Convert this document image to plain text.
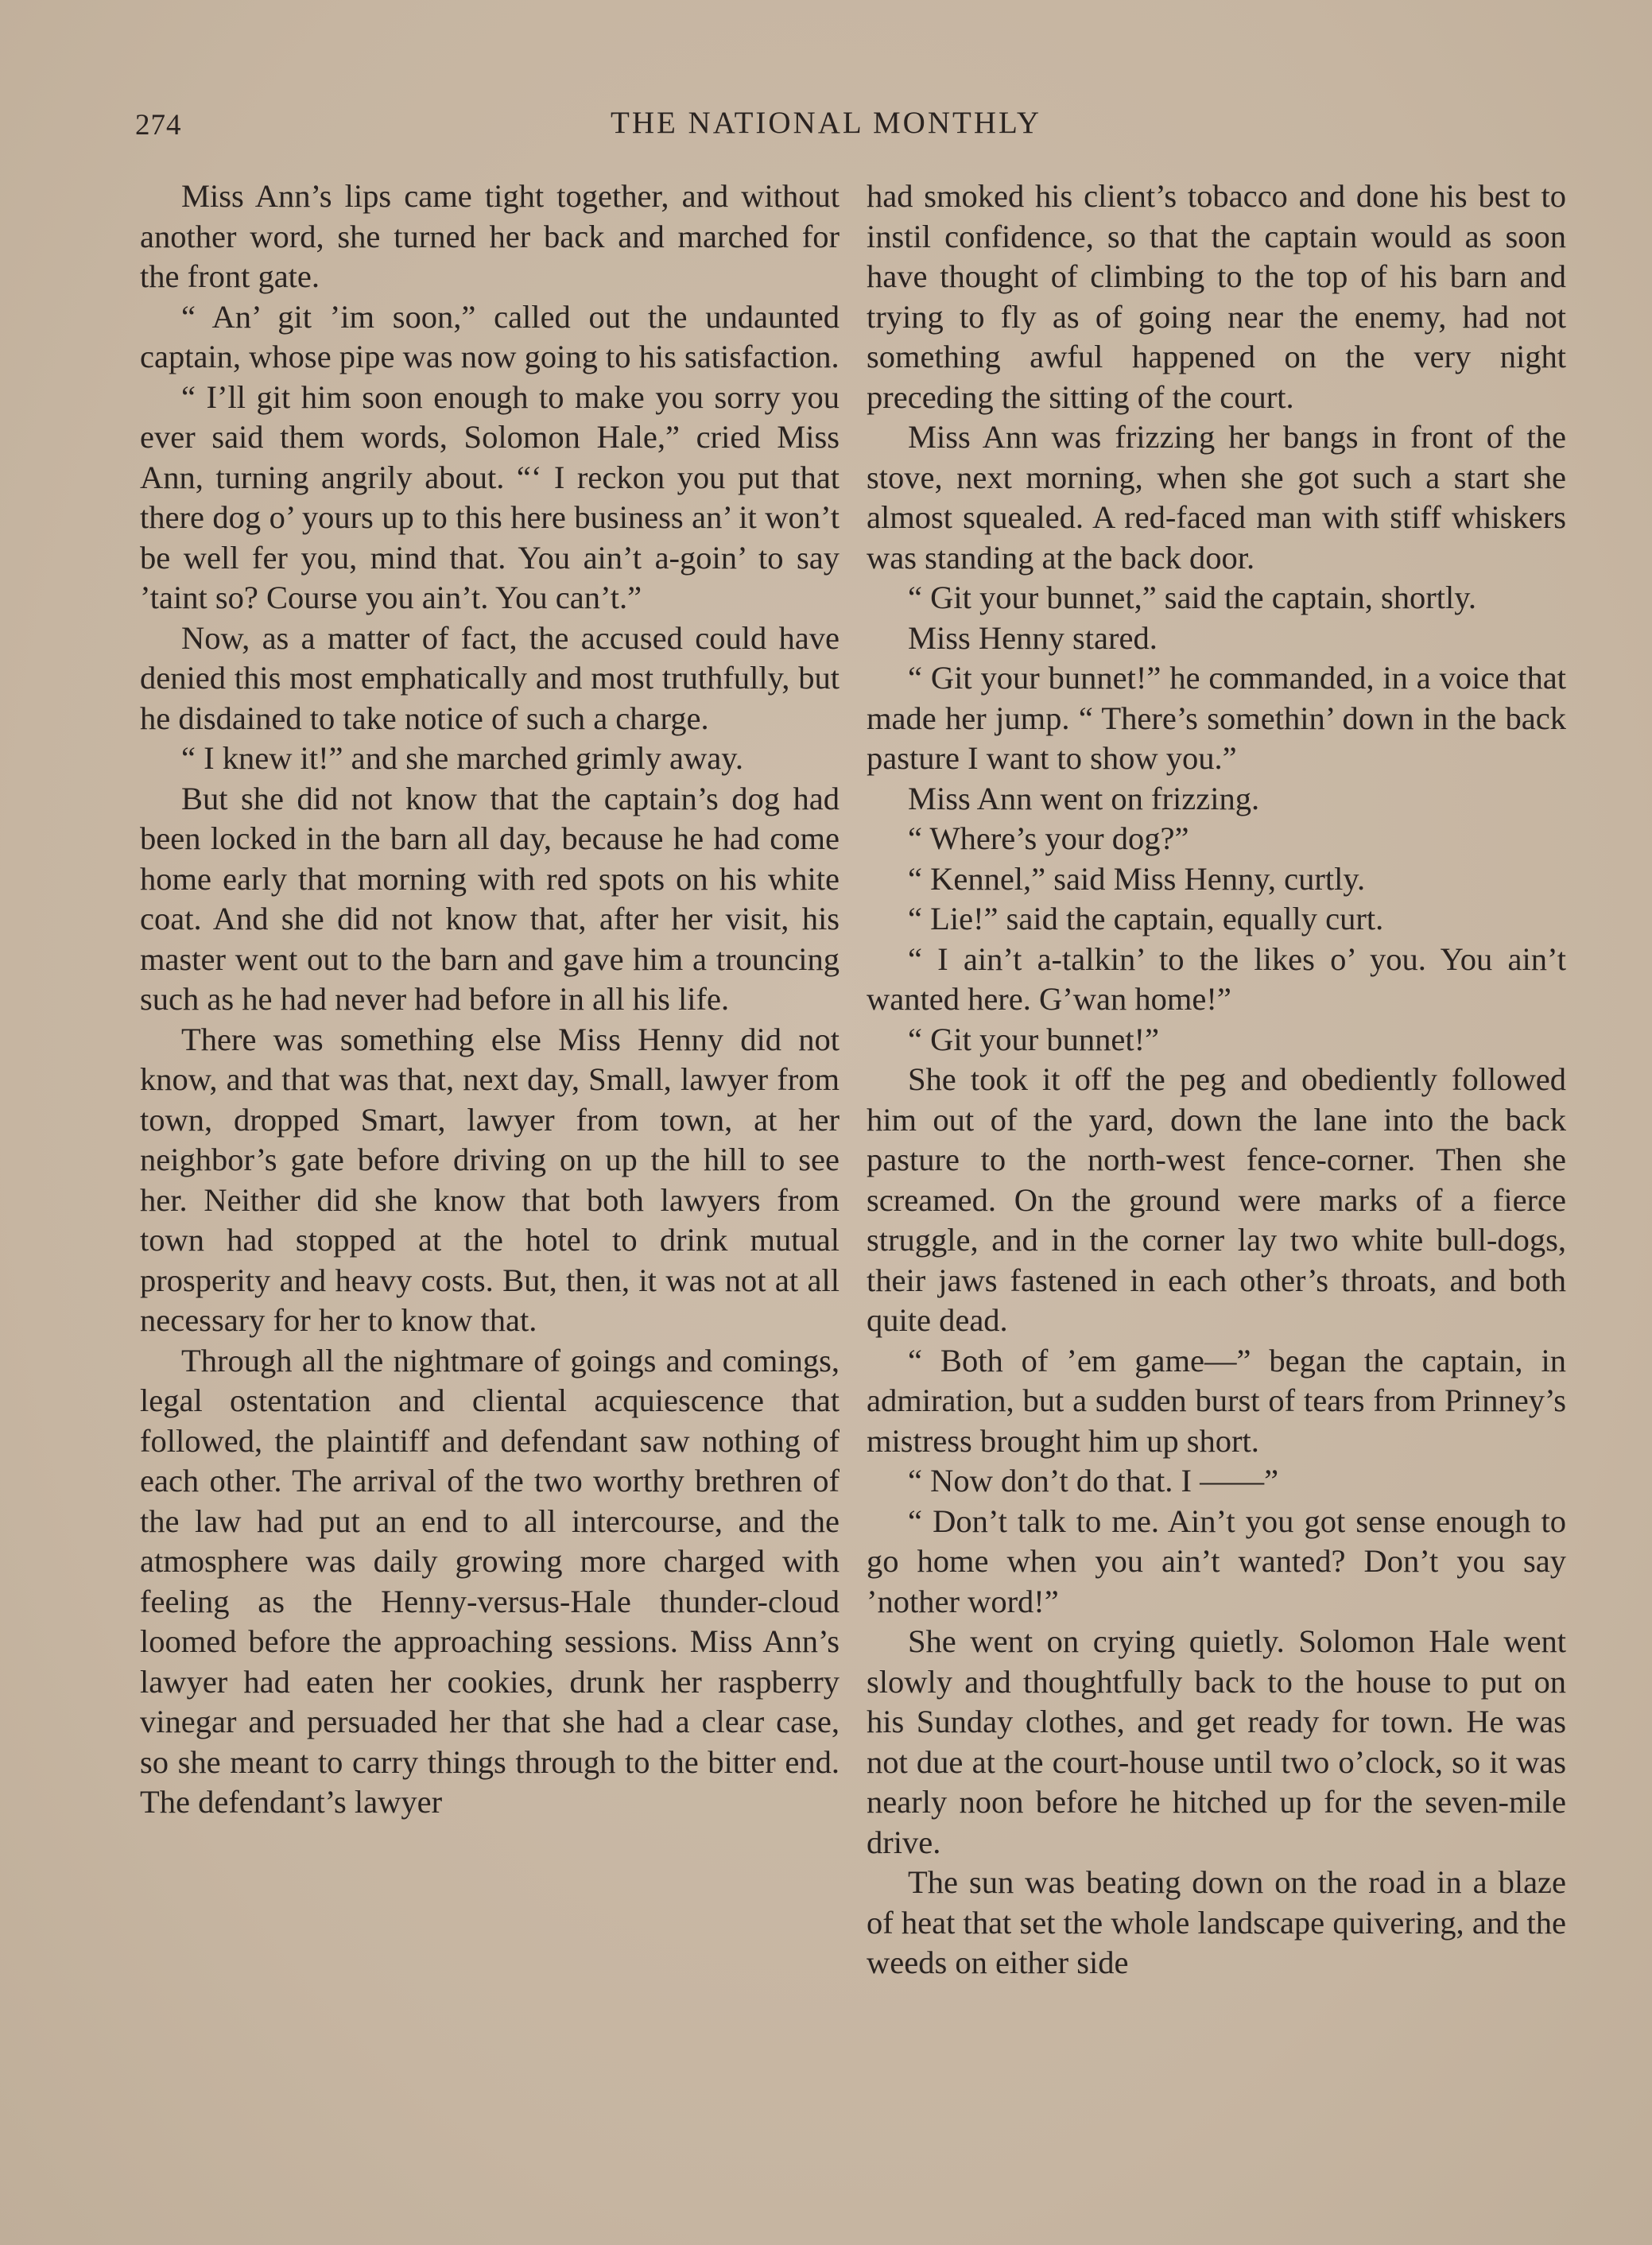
274	THE NATIONAL MONTHLY

Miss Ann’s lips came tight together, and without another word, she turned her back and marched for the front gate.

“ An’ git ’im soon,” called out the undaunted captain, whose pipe was now going to his satisfaction.

“ I’ll git him soon enough to make you sorry you ever said them words, Solomon Hale,” cried Miss Ann, turning angrily about. “‘ I reckon you put that there dog o’ yours up to this here business an’ it won’t be well fer you, mind that. You ain’t a-goin’ to say ’taint so? Course you ain’t. You can’t.”

Now, as a matter of fact, the accused could have denied this most emphatically and most truthfully, but he disdained to take notice of such a charge.

“ I knew it!” and she marched grimly away.

But she did not know that the captain’s dog had been locked in the barn all day, because he had come home early that morning with red spots on his white coat. And she did not know that, after her visit, his master went out to the barn and gave him a trouncing such as he had never had before in all his life.

There was something else Miss Henny did not know, and that was that, next day, Small, lawyer from town, dropped Smart, lawyer from town, at her neighbor’s gate before driving on up the hill to see her. Neither did she know that both lawyers from town had stopped at the hotel to drink mutual prosperity and heavy costs. But, then, it was not at all necessary for her to know that.

Through all the nightmare of goings and comings, legal ostentation and cliental acquiescence that followed, the plaintiff and defendant saw nothing of each other. The arrival of the two worthy brethren of the law had put an end to all intercourse, and the atmosphere was daily growing more charged with feeling as the Henny-versus-Hale thunder-cloud loomed before the approaching sessions. Miss Ann’s lawyer had eaten her cookies, drunk her raspberry vinegar and persuaded her that she had a clear case, so she meant to carry things through to the bitter end. The defendant’s lawyer

had smoked his client’s tobacco and done his best to instil confidence, so that the captain would as soon have thought of climbing to the top of his barn and trying to fly as of going near the enemy, had not something awful happened on the very night preceding the sitting of the court.

Miss Ann was frizzing her bangs in front of the stove, next morning, when she got such a start she almost squealed. A red-faced man with stiff whiskers was standing at the back door.

“ Git your bunnet,” said the captain, shortly.

Miss Henny stared.

“ Git your bunnet!” he commanded, in a voice that made her jump. “ There’s somethin’ down in the back pasture I want to show you.”

Miss Ann went on frizzing.

“ Where’s your dog?”

“ Kennel,” said Miss Henny, curtly.

“ Lie!” said the captain, equally curt.

“ I ain’t a-talkin’ to the likes o’ you. You ain’t wanted here. G’wan home!”

“ Git your bunnet!”

She took it off the peg and obediently followed him out of the yard, down the lane into the back pasture to the north-west fence-corner. Then she screamed. On the ground were marks of a fierce struggle, and in the corner lay two white bull-dogs, their jaws fastened in each other’s throats, and both quite dead.

“ Both of ’em game—” began the captain, in admiration, but a sudden burst of tears from Prinney’s mistress brought him up short.

“ Now don’t do that. I ——”

“ Don’t talk to me. Ain’t you got sense enough to go home when you ain’t wanted? Don’t you say ’nother word!”

She went on crying quietly. Solomon Hale went slowly and thoughtfully back to the house to put on his Sunday clothes, and get ready for town. He was not due at the court-house until two o’clock, so it was nearly noon before he hitched up for the seven-mile drive.

The sun was beating down on the road in a blaze of heat that set the whole landscape quivering, and the weeds on either side
